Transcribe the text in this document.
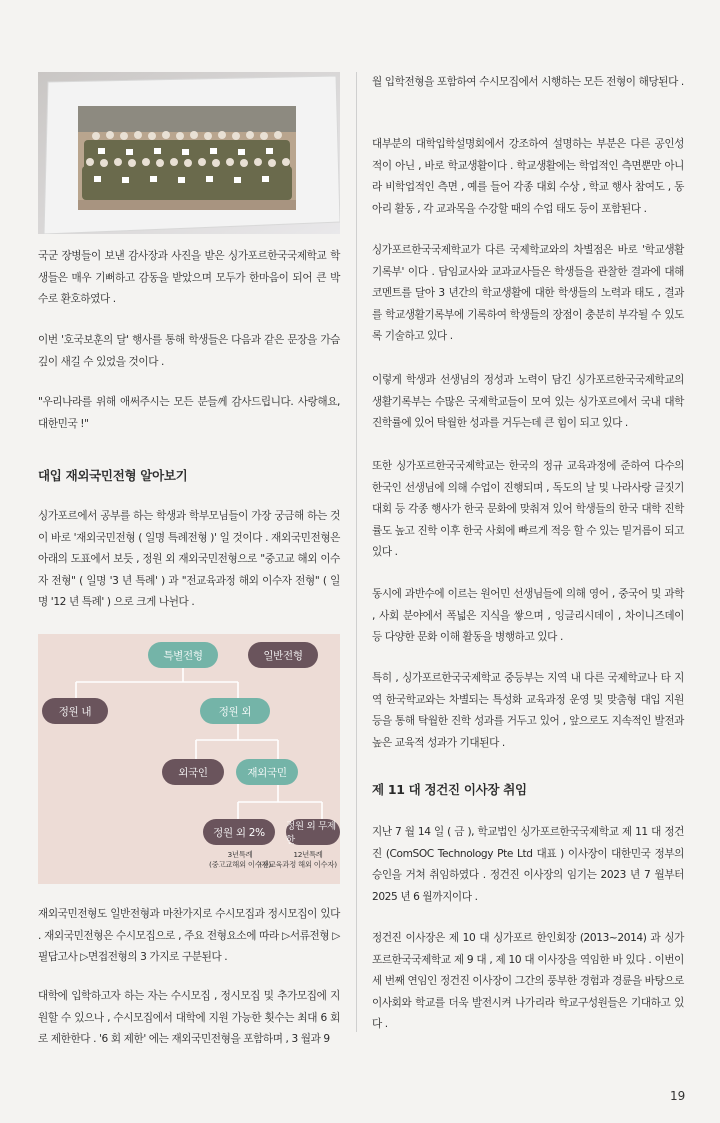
국군 장병들이 보낸 감사장과 사진을 받은 싱가포르한국국제학교 학생들은 매우 기뻐하고 감동을 받았으며 모두가 한마음이 되어 큰 박수로 환호하였다 .

이번 '호국보훈의 달' 행사를 통해 학생들은 다음과 같은 문장을 가슴 깊이 새길 수 있었을 것이다 .

"우리나라를 위해 애써주시는 모든 분들께 감사드립니다. 사랑해요, 대한민국 !"

대입 재외국민전형 알아보기

싱가포르에서 공부를 하는 학생과 학부모님들이 가장 궁금해 하는 것이 바로 '재외국민전형 ( 일명 특례전형 )' 일 것이다 . 재외국민전형은 아래의 도표에서 보듯 , 정원 외 재외국민전형으로 "중고교 해외 이수자 전형" ( 일명 '3 년 특례' ) 과 "전교육과정 해외 이수자 전형" ( 일명 '12 년 특례' ) 으로 크게 나뉜다 .

특별전형	일반전형
정원 내	정원 외
외국인	재외국민
정원 외 2%	정원 외 무제한
3년특례
(중고교해외 이수자)
12년특례
(전교육과정 해외 이수자)

재외국민전형도 일반전형과 마찬가지로 수시모집과 정시모집이 있다 . 재외국민전형은 수시모집으로 , 주요 전형요소에 따라 ▷서류전형 ▷필답고사 ▷면접전형의 3 가지로 구분된다 .

대학에 입학하고자 하는 자는 수시모집 , 정시모집 및 추가모집에 지원할 수 있으나 , 수시모집에서 대학에 지원 가능한 횟수는 최대 6 회로 제한한다 . '6 회 제한' 에는 재외국민전형을 포함하며 , 3 월과 9

월 입학전형을 포함하여 수시모집에서 시행하는 모든 전형이 해당된다 .

대부분의 대학입학설명회에서 강조하여 설명하는 부분은 다른 공인성적이 아닌 , 바로 학교생활이다 . 학교생활에는 학업적인 측면뿐만 아니라 비학업적인 측면 , 예를 들어 각종 대회 수상 , 학교 행사 참여도 , 동아리 활동 , 각 교과목을 수강할 때의 수업 태도 등이 포함된다 .

싱가포르한국국제학교가 다른 국제학교와의 차별점은 바로 '학교생활기록부' 이다 . 담임교사와 교과교사들은 학생들을 관찰한 결과에 대해 코멘트를 달아 3 년간의 학교생활에 대한 학생들의 노력과 태도 , 결과를 학교생활기록부에 기록하여 학생들의 장점이 충분히 부각될 수 있도록 기술하고 있다 .

이렇게 학생과 선생님의 정성과 노력이 담긴 싱가포르한국국제학교의 생활기록부는 수많은 국제학교들이 모여 있는 싱가포르에서 국내 대학 진학률에 있어 탁월한 성과를 거두는데 큰 힘이 되고 있다 .

또한 싱가포르한국국제학교는 한국의 정규 교육과정에 준하여 다수의 한국인 선생님에 의해 수업이 진행되며 , 독도의 날 및 나라사랑 글짓기 대회 등 각종 행사가 한국 문화에 맞춰져 있어 학생들의 한국 대학 진학률도 높고 진학 이후 한국 사회에 빠르게 적응 할 수 있는 밑거름이 되고 있다 .

동시에 과반수에 이르는 원어민 선생님들에 의해 영어 , 중국어 및 과학 , 사회 분야에서 폭넓은 지식을 쌓으며 , 잉글리시데이 , 차이니즈데이 등 다양한 문화 이해 활동을 병행하고 있다 .

특히 , 싱가포르한국국제학교 중등부는 지역 내 다른 국제학교나 타 지역 한국학교와는 차별되는 특성화 교육과정 운영 및 맞춤형 대입 지원 등을 통해 탁월한 진학 성과를 거두고 있어 , 앞으로도 지속적인 발전과 높은 교육적 성과가 기대된다 .

제 11 대 정건진 이사장 취임

지난 7 월 14 일 ( 금 ), 학교법인 싱가포르한국국제학교 제 11 대 정건진 (ComSOC Technology Pte Ltd 대표 ) 이사장이 대한민국 정부의 승인을 거쳐 취임하였다 . 정건진 이사장의 임기는 2023 년 7 월부터 2025 년 6 월까지이다 .

정건진 이사장은 제 10 대 싱가포르 한인회장 (2013~2014) 과 싱가포르한국국제학교 제 9 대 , 제 10 대 이사장을 역임한 바 있다 . 이번이 세 번째 연임인 정건진 이사장이 그간의 풍부한 경험과 경륜을 바탕으로 이사회와 학교를 더욱 발전시켜 나가리라 학교구성원들은 기대하고 있다 .

19
